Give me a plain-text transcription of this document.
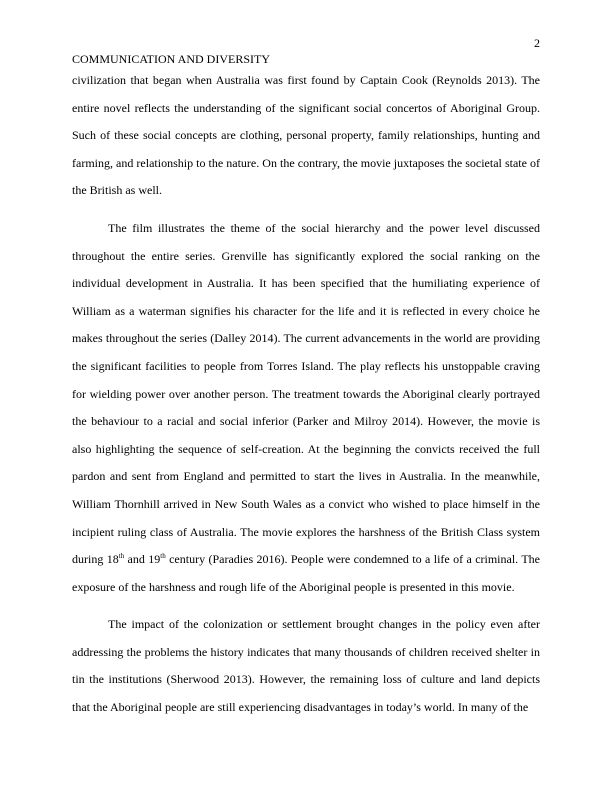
2
COMMUNICATION AND DIVERSITY

civilization that began when Australia was first found by Captain Cook (Reynolds 2013). The entire novel reflects the understanding of the significant social concertos of Aboriginal Group. Such of these social concepts are clothing, personal property, family relationships, hunting and farming, and relationship to the nature. On the contrary, the movie juxtaposes the societal state of the British as well.

The film illustrates the theme of the social hierarchy and the power level discussed throughout the entire series. Grenville has significantly explored the social ranking on the individual development in Australia. It has been specified that the humiliating experience of William as a waterman signifies his character for the life and it is reflected in every choice he makes throughout the series (Dalley 2014). The current advancements in the world are providing the significant facilities to people from Torres Island. The play reflects his unstoppable craving for wielding power over another person. The treatment towards the Aboriginal clearly portrayed the behaviour to a racial and social inferior (Parker and Milroy 2014). However, the movie is also highlighting the sequence of self-creation. At the beginning the convicts received the full pardon and sent from England and permitted to start the lives in Australia. In the meanwhile, William Thornhill arrived in New South Wales as a convict who wished to place himself in the incipient ruling class of Australia. The movie explores the harshness of the British Class system during 18th and 19th century (Paradies 2016). People were condemned to a life of a criminal. The exposure of the harshness and rough life of the Aboriginal people is presented in this movie.

The impact of the colonization or settlement brought changes in the policy even after addressing the problems the history indicates that many thousands of children received shelter in tin the institutions (Sherwood 2013). However, the remaining loss of culture and land depicts that the Aboriginal people are still experiencing disadvantages in today’s world. In many of the
